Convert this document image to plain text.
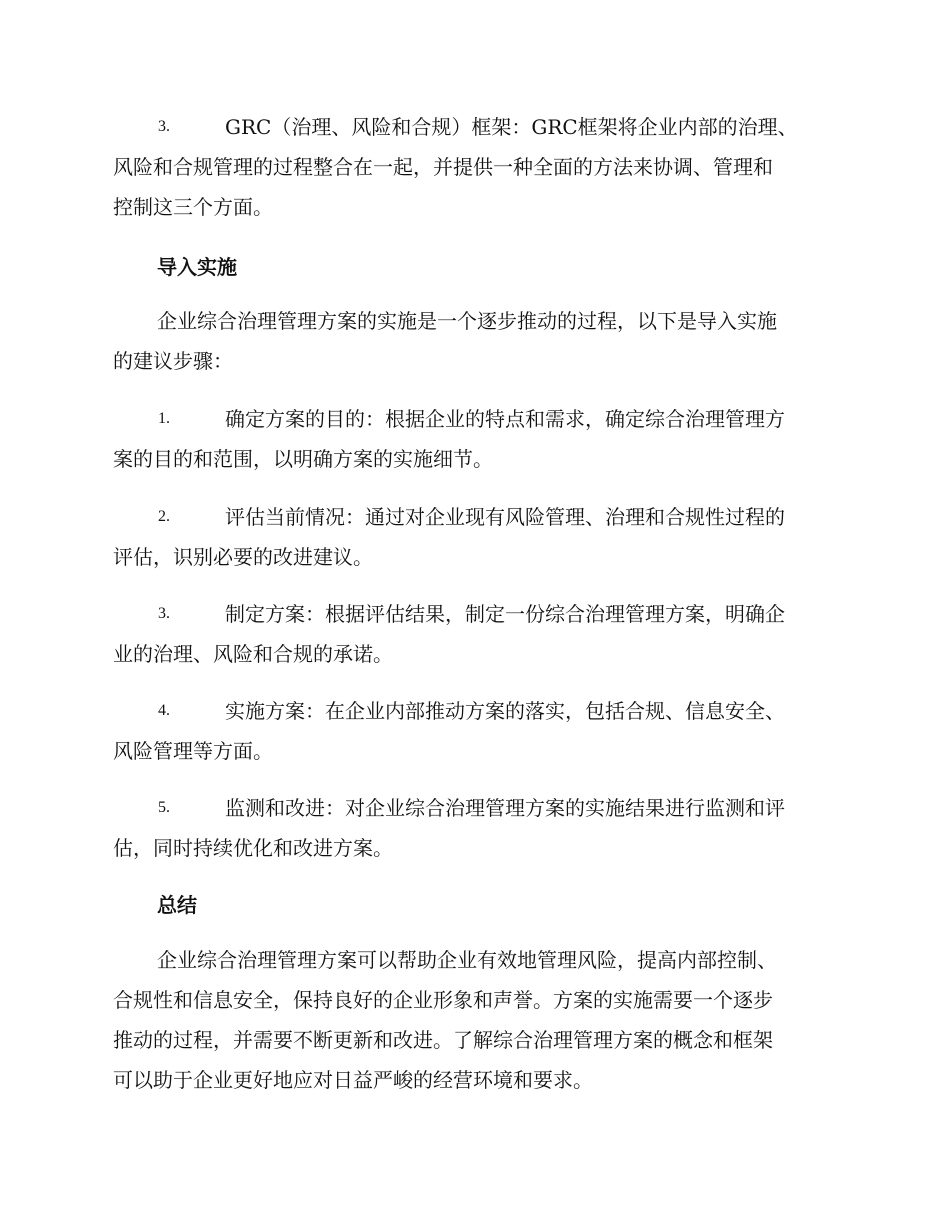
3.	GRC（治理、风险和合规）框架：GRC框架将企业内部的治理、
风险和合规管理的过程整合在一起，并提供一种全面的方法来协调、管理和
控制这三个方面。
导入实施
企业综合治理管理方案的实施是一个逐步推动的过程，以下是导入实施
的建议步骤：
1.	确定方案的目的：根据企业的特点和需求，确定综合治理管理方
案的目的和范围，以明确方案的实施细节。
2.	评估当前情况：通过对企业现有风险管理、治理和合规性过程的
评估，识别必要的改进建议。
3.	制定方案：根据评估结果，制定一份综合治理管理方案，明确企
业的治理、风险和合规的承诺。
4.	实施方案：在企业内部推动方案的落实，包括合规、信息安全、
风险管理等方面。
5.	监测和改进：对企业综合治理管理方案的实施结果进行监测和评
估，同时持续优化和改进方案。
总结
企业综合治理管理方案可以帮助企业有效地管理风险，提高内部控制、
合规性和信息安全，保持良好的企业形象和声誉。方案的实施需要一个逐步
推动的过程，并需要不断更新和改进。了解综合治理管理方案的概念和框架
可以助于企业更好地应对日益严峻的经营环境和要求。
